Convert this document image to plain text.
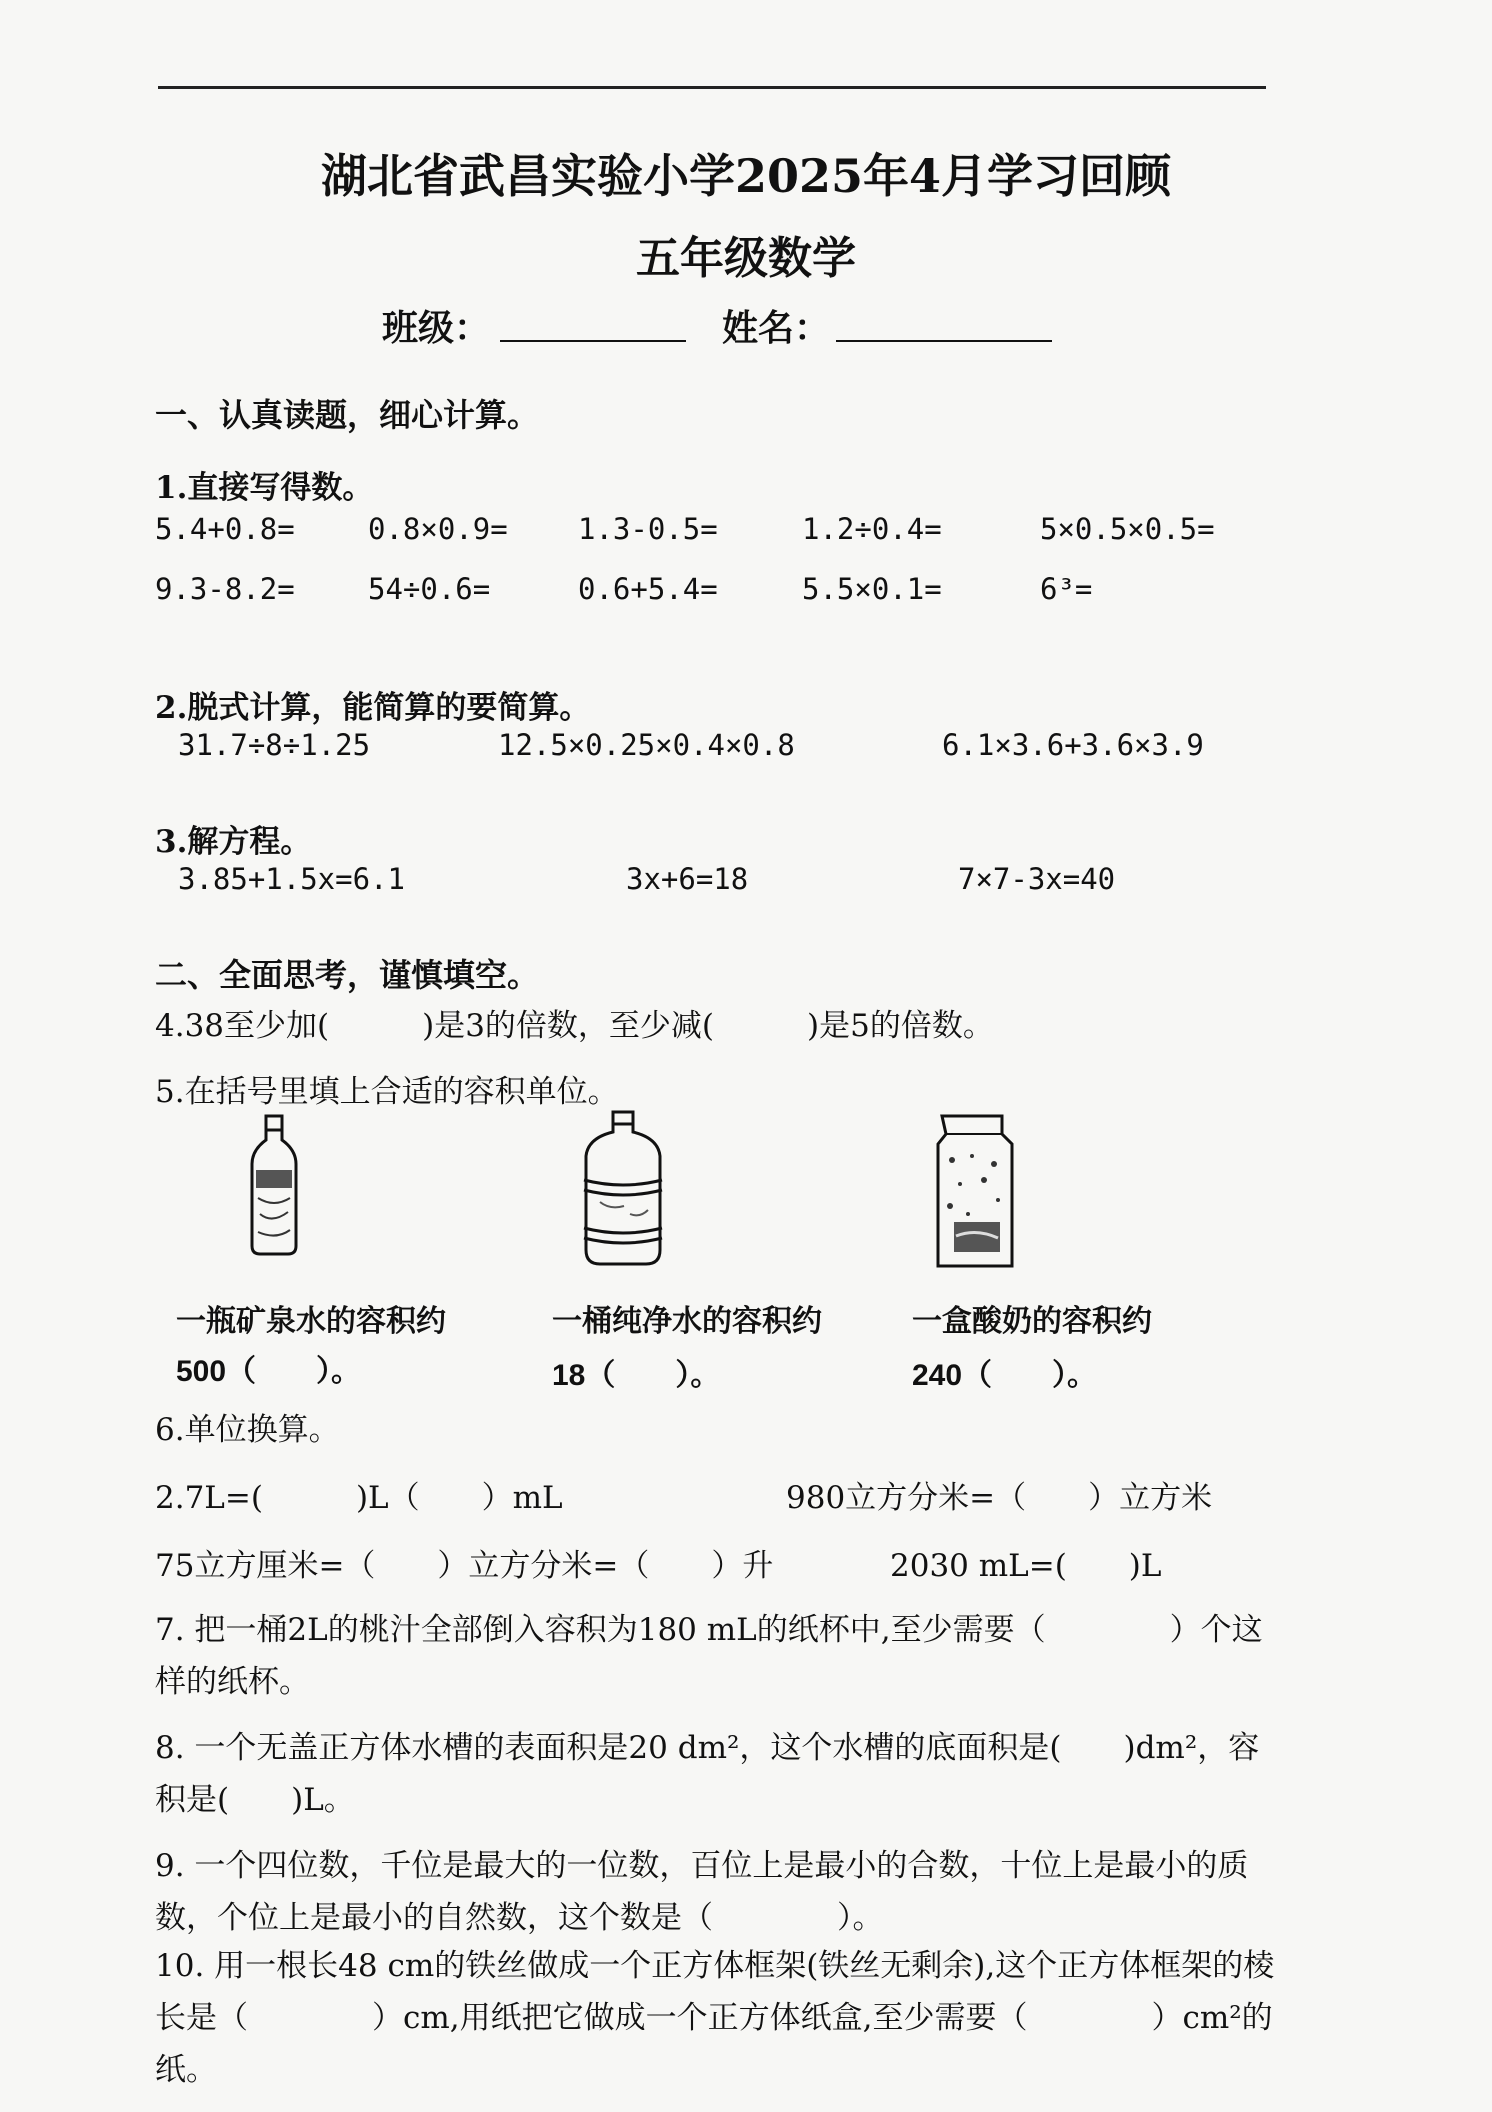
湖北省武昌实验小学2025年4月学习回顾
五年级数学
班级：	姓名：
一、认真读题，细心计算。
1.直接写得数。
5.4+0.8=	0.8×0.9= 1.3-0.5=	1.2÷0.4=	5×0.5×0.5=
9.3-8.2=	54÷0.6=	0.6+5.4=	5.5×0.1=	6³=
2.脱式计算，能简算的要简算。
31.7÷8÷1.25	12.5×0.25×0.4×0.8	6.1×3.6+3.6×3.9
3.解方程。
3.85+1.5x=6.1	3x+6=18	7×7-3x=40
二、全面思考，谨慎填空。
4.38至少加(　　　)是3的倍数，至少减(　　　)是5的倍数。
5.在括号里填上合适的容积单位。
一瓶矿泉水的容积约
500（　　）。
一桶纯净水的容积约
18（　　）。
一盒酸奶的容积约
240（　　）。
6.单位换算。
2.7L=(　　　)L（　　）mL	980立方分米=（　　）立方米
75立方厘米=（　　）立方分米=（　　）升	2030 mL=(　　)L
7. 把一桶2L的桃汁全部倒入容积为180 mL的纸杯中,至少需要（　　　　）个这样的纸杯。
8. 一个无盖正方体水槽的表面积是20 dm²，这个水槽的底面积是(　　)dm²，容积是(　　)L。
9. 一个四位数，千位是最大的一位数，百位上是最小的合数，十位上是最小的质数，个位上是最小的自然数，这个数是（　　　　）。
10. 用一根长48 cm的铁丝做成一个正方体框架(铁丝无剩余),这个正方体框架的棱长是（　　　　）cm,用纸把它做成一个正方体纸盒,至少需要（　　　　）cm²的纸。
